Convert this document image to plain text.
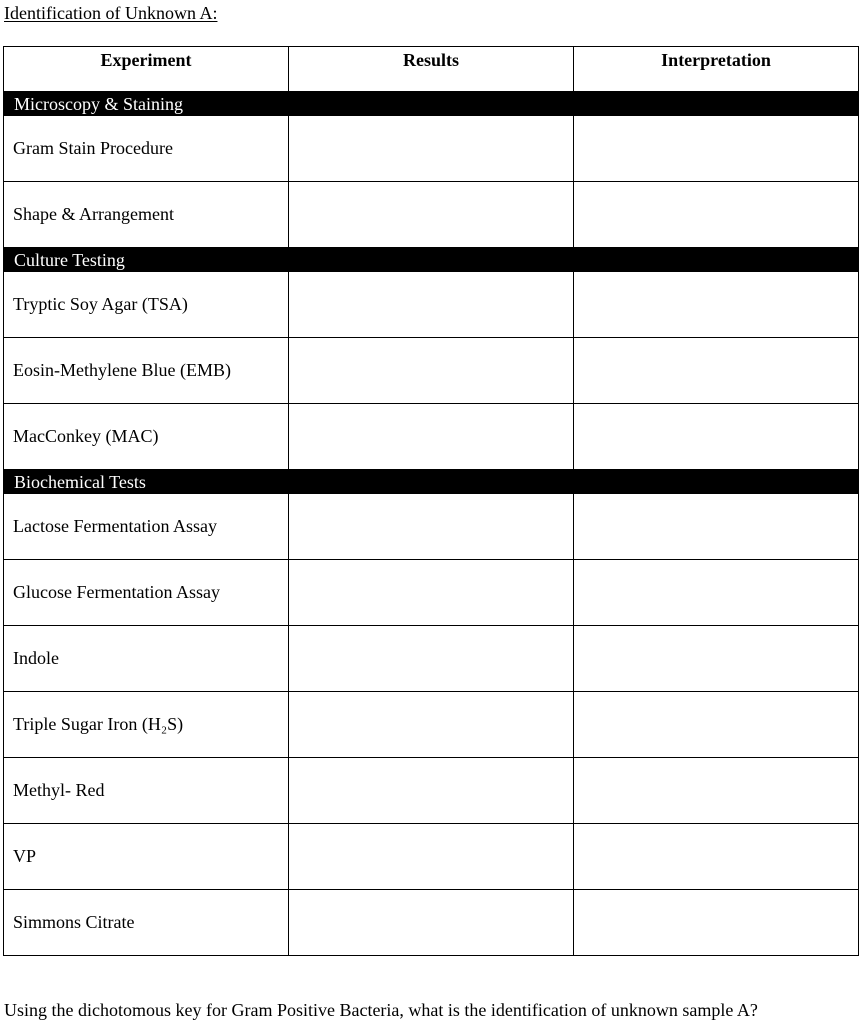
Identification of Unknown A:
Experiment	Results	Interpretation
Microscopy & Staining		
Gram Stain Procedure		
Shape & Arrangement		
Culture Testing		
Tryptic Soy Agar (TSA)		
Eosin-Methylene Blue (EMB)		
MacConkey (MAC)		
Biochemical Tests		
Lactose Fermentation Assay		
Glucose Fermentation Assay		
Indole		
Triple Sugar Iron (H₂S)		
Methyl- Red		
VP		
Simmons Citrate		
Using the dichotomous key for Gram Positive Bacteria, what is the identification of unknown sample A?
